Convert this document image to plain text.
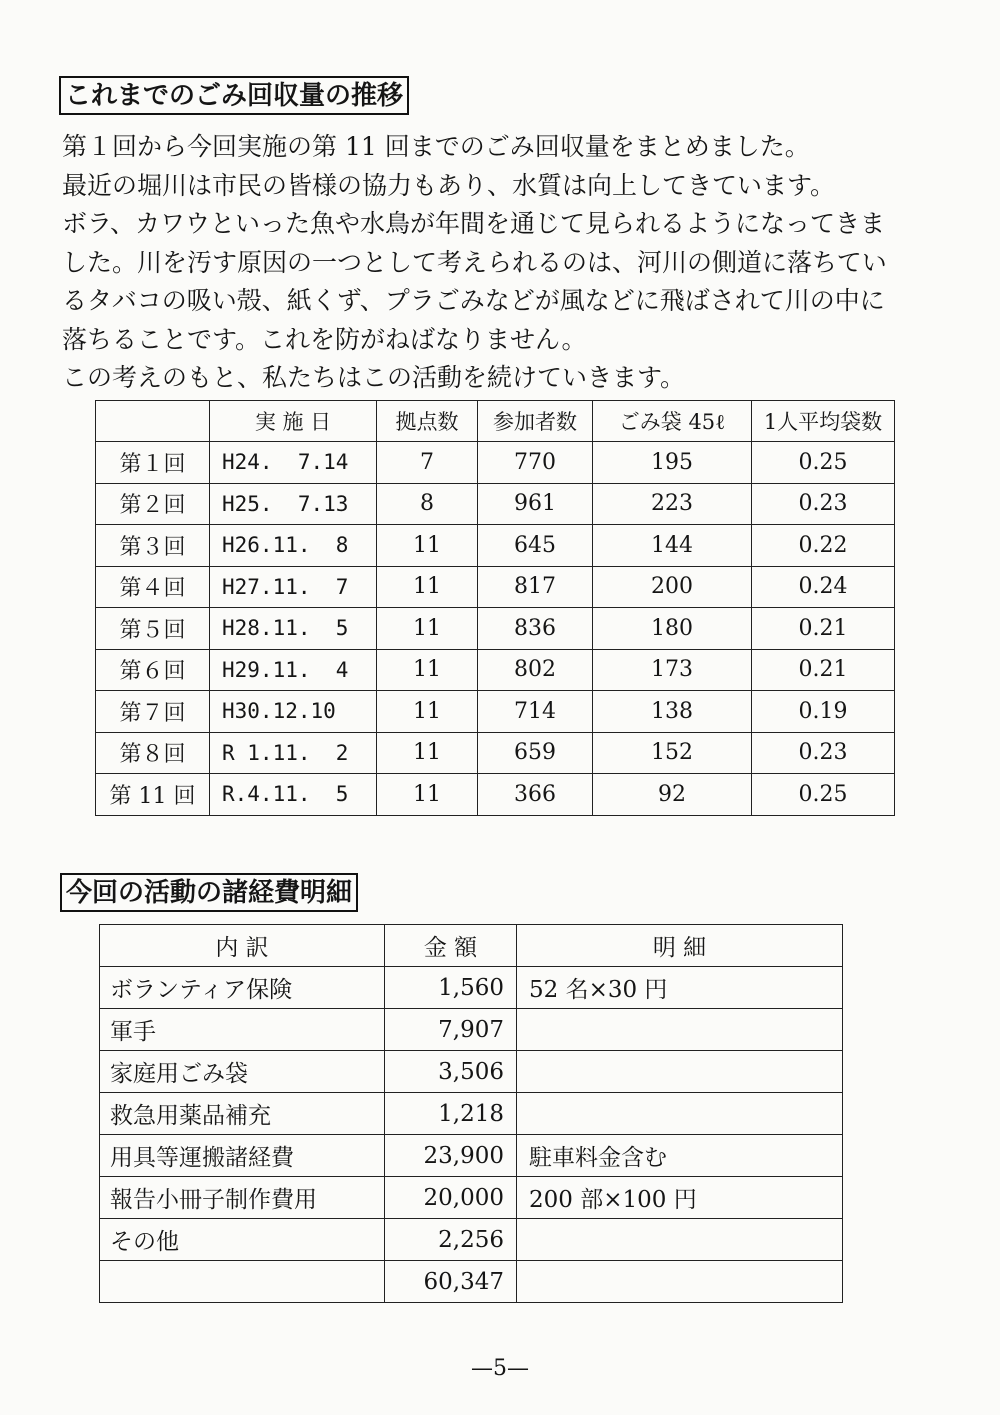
これまでのごみ回収量の推移

第１回から今回実施の第 11 回までのごみ回収量をまとめました。

最近の堀川は市民の皆様の協力もあり、水質は向上してきています。

ボラ、カワウといった魚や水鳥が年間を通じて見られるようになってきま

した。川を汚す原因の一つとして考えられるのは、河川の側道に落ちてい

るタバコの吸い殻、紙くず、プラごみなどが風などに飛ばされて川の中に

落ちることです。これを防がねばなりません。

この考えのもと、私たちはこの活動を続けていきます。

	実 施 日	拠点数	参加者数	ごみ袋 45ℓ	1人平均袋数
第１回	H24.  7.14	7	770	195	0.25
第２回	H25.  7.13	8	961	223	0.23
第３回	H26.11.  8	11	645	144	0.22
第４回	H27.11.  7	11	817	200	0.24
第５回	H28.11.  5	11	836	180	0.21
第６回	H29.11.  4	11	802	173	0.21
第７回	H30.12.10	11	714	138	0.19
第８回	R 1.11.  2	11	659	152	0.23
第 11 回	R.4.11.  5	11	366	92	0.25
今回の活動の諸経費明細
内 訳	金 額	明 細
ボランティア保険	1,560	52 名×30 円
軍手	7,907	
家庭用ごみ袋	3,506	
救急用薬品補充	1,218	
用具等運搬諸経費	23,900	駐車料金含む
報告小冊子制作費用	20,000	200 部×100 円
その他	2,256	
	60,347	
—5—
